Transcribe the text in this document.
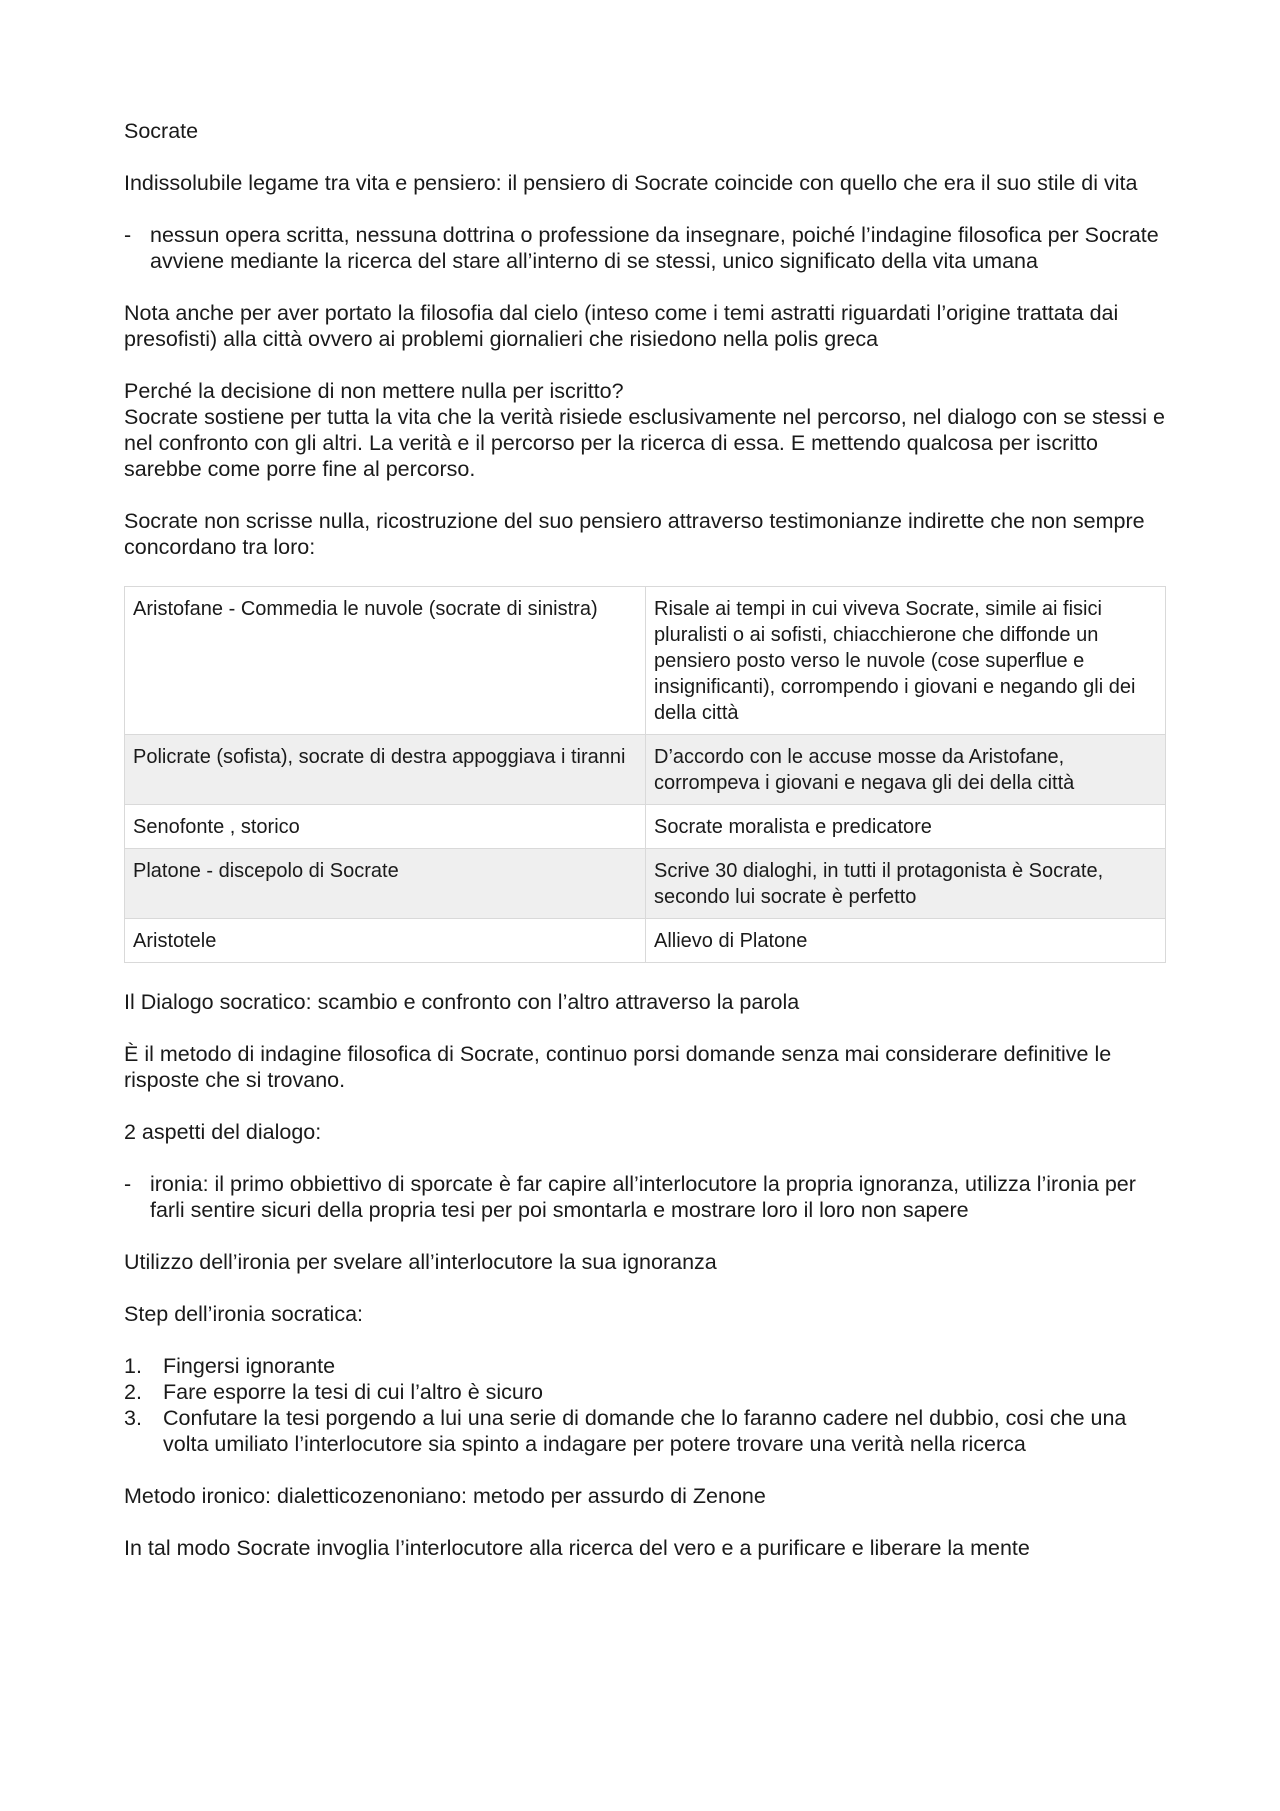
Socrate

Indissolubile legame tra vita e pensiero: il pensiero di Socrate coincide con quello che era il suo stile di vita

- nessun opera scritta, nessuna dottrina o professione da insegnare, poiché l’indagine filosofica per Socrate avviene mediante la ricerca del stare all’interno di se stessi, unico significato della vita umana

Nota anche per aver portato la filosofia dal cielo (inteso come i temi astratti riguardati l’origine trattata dai presofisti) alla città ovvero ai problemi giornalieri che risiedono nella polis greca

Perché la decisione di non mettere nulla per iscritto?

Socrate sostiene per tutta la vita che la verità risiede esclusivamente nel percorso, nel dialogo con se stessi e nel confronto con gli altri. La verità e il percorso per la ricerca di essa. E mettendo qualcosa per iscritto sarebbe come porre fine al percorso.

Socrate non scrisse nulla, ricostruzione del suo pensiero attraverso testimonianze indirette che non sempre concordano tra loro:

Aristofane - Commedia le nuvole (socrate di sinistra)	Risale ai tempi in cui viveva Socrate, simile ai fisici pluralisti o ai sofisti, chiacchierone che diffonde un pensiero posto verso le nuvole (cose superflue e insignificanti), corrompendo i giovani e negando gli dei della città
Policrate (sofista), socrate di destra appoggiava i tiranni	D’accordo con le accuse mosse da Aristofane, corrompeva i giovani e negava gli dei della città
Senofonte , storico	Socrate moralista e predicatore
Platone - discepolo di Socrate	Scrive 30 dialoghi, in tutti il protagonista è Socrate, secondo lui socrate è perfetto
Aristotele	Allievo di Platone

Il Dialogo socratico: scambio e confronto con l’altro attraverso la parola

È il metodo di indagine filosofica di Socrate, continuo porsi domande senza mai considerare definitive le risposte che si trovano.

2 aspetti del dialogo:

- ironia: il primo obbiettivo di sporcate è far capire all’interlocutore la propria ignoranza, utilizza l’ironia per farli sentire sicuri della propria tesi per poi smontarla e mostrare loro il loro non sapere

Utilizzo dell’ironia per svelare all’interlocutore la sua ignoranza

Step dell’ironia socratica:

1. Fingersi ignorante
2. Fare esporre la tesi di cui l’altro è sicuro
3. Confutare la tesi porgendo a lui una serie di domande che lo faranno cadere nel dubbio, cosi che una volta umiliato l’interlocutore sia spinto a indagare per potere trovare una verità nella ricerca

Metodo ironico: dialetticozenoniano: metodo per assurdo di Zenone

In tal modo Socrate invoglia l’interlocutore alla ricerca del vero e a purificare e liberare la mente
